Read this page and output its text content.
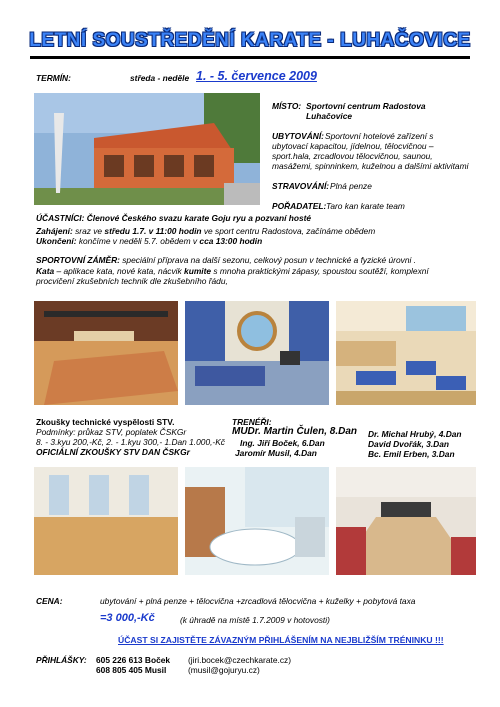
LETNÍ SOUSTŘEDĚNÍ KARATE - LUHAČOVICE
TERMÍN:	středa - neděle 1. - 5. července 2009
MÍSTO: Sportovní centrum Radostova
Luhačovice
UBYTOVÁNÍ: Sportovní hotelové zařízení s
ubytovací kapacitou, jídelnou, tělocvičnou –
sport.hala, zrcadlovou tělocvičnou, saunou,
masážemi, spinninkem, kuželnou a dalšími aktivitami
STRAVOVÁNÍ: Plná penze
POŘADATEL: Taro kan karate team
ÚČASTNÍCI: Členové Českého svazu karate Goju ryu a pozvaní hosté
Zahájení: sraz ve středu 1.7. v 11:00 hodin ve sport centru Radostova, začínáme obědem
Ukončení: končíme v neděli 5.7. obědem v cca 13:00 hodin
SPORTOVNÍ ZÁMĚR: speciální příprava na další sezonu, celkový posun v technické a fyzické úrovni .
Kata – aplikace kata, nové kata, nácvik kumite s mnoha praktickými zápasy, spoustou soutěží, komplexní
procvičení zkušebních technik dle zkušebního řádu,
Zkoušky technické vyspělosti STV.
Podmínky: průkaz STV, poplatek ČSKGr
8. - 3.kyu 200,-Kč, 2. - 1.kyu 300,- 1.Dan 1.000,-Kč
OFICIÁLNÍ ZKOUŠKY STV DAN ČSKGr
TRENÉŘI:
MUDr. Martin Čulen, 8.Dan
Ing. Jiří Boček, 6.Dan
Jaromír Musil, 4.Dan
Dr. Michal Hrubý, 4.Dan
David Dvořák, 3.Dan
Bc. Emil Erben, 3.Dan
CENA:	ubytování + plná penze + tělocvična +zrcadlová tělocvična + kuželky + pobytová taxa
=3 000,-Kč	(k úhradě na místě 1.7.2009 v hotovosti)
ÚČAST SI ZAJISTĚTE ZÁVAZNÝM PŘIHLÁŠENÍM NA NEJBLIŽŠÍM TRÉNINKU !!!
PŘIHLÁŠKY: 605 226 613 Boček (jiri.bocek@czechkarate.cz)
608 805 405 Musil	(musil@gojuryu.cz)
